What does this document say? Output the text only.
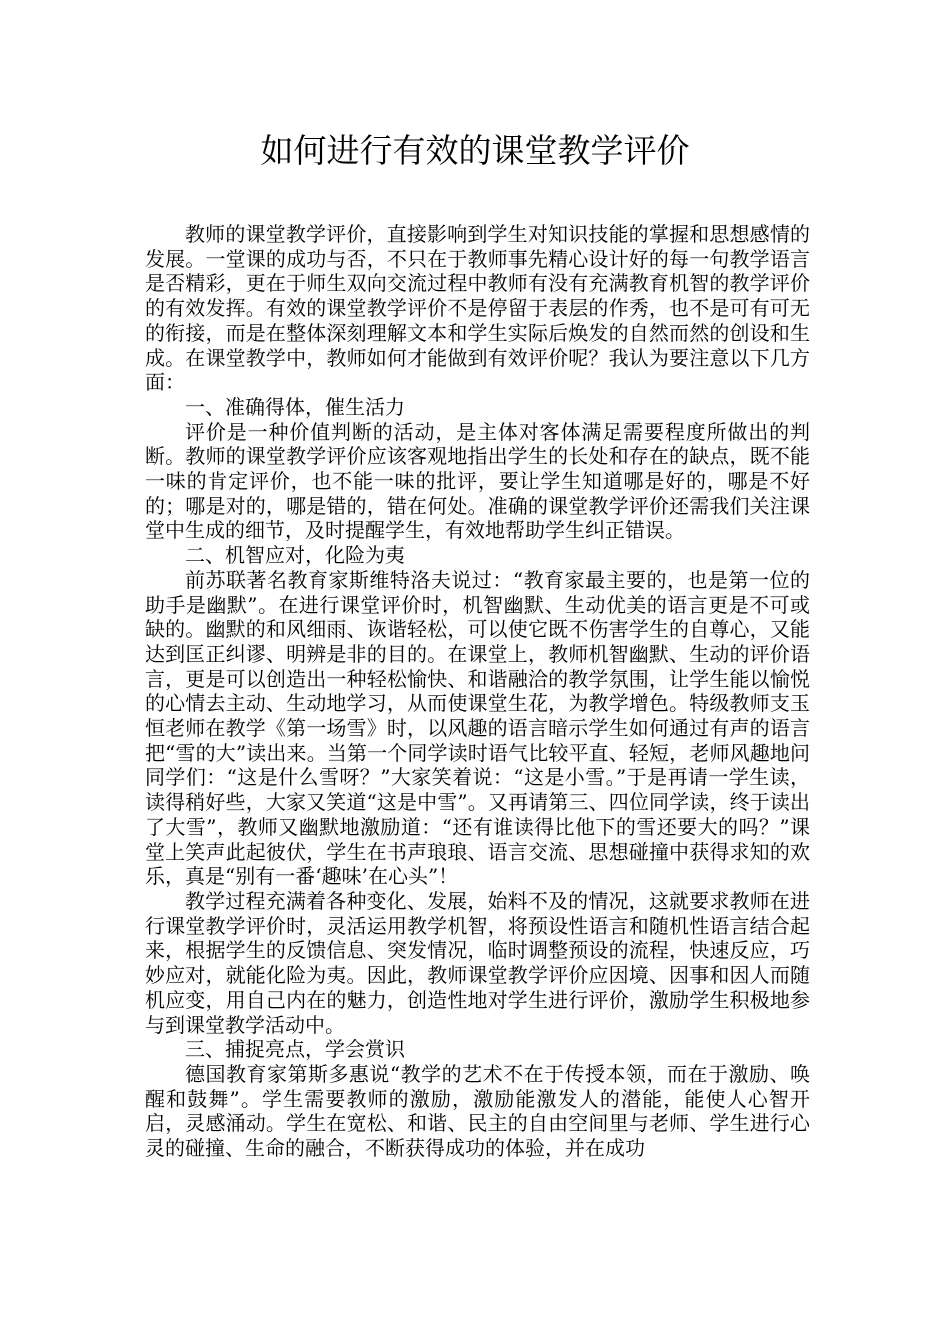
如何进行有效的课堂教学评价

教师的课堂教学评价，直接影响到学生对知识技能的掌握和思想感情的发展。一堂课的成功与否，不只在于教师事先精心设计好的每一句教学语言是否精彩，更在于师生双向交流过程中教师有没有充满教育机智的教学评价的有效发挥。有效的课堂教学评价不是停留于表层的作秀，也不是可有可无的衔接，而是在整体深刻理解文本和学生实际后焕发的自然而然的创设和生成。在课堂教学中，教师如何才能做到有效评价呢？我认为要注意以下几方面：

一、准确得体，催生活力

评价是一种价值判断的活动，是主体对客体满足需要程度所做出的判断。教师的课堂教学评价应该客观地指出学生的长处和存在的缺点，既不能一味的肯定评价，也不能一味的批评，要让学生知道哪是好的，哪是不好的；哪是对的，哪是错的，错在何处。准确的课堂教学评价还需我们关注课堂中生成的细节，及时提醒学生，有效地帮助学生纠正错误。

二、机智应对，化险为夷

前苏联著名教育家斯维特洛夫说过：“教育家最主要的，也是第一位的助手是幽默”。在进行课堂评价时，机智幽默、生动优美的语言更是不可或缺的。幽默的和风细雨、诙谐轻松，可以使它既不伤害学生的自尊心，又能达到匡正纠谬、明辨是非的目的。在课堂上，教师机智幽默、生动的评价语言，更是可以创造出一种轻松愉快、和谐融洽的教学氛围，让学生能以愉悦的心情去主动、生动地学习，从而使课堂生花，为教学增色。特级教师支玉恒老师在教学《第一场雪》时，以风趣的语言暗示学生如何通过有声的语言把“雪的大”读出来。当第一个同学读时语气比较平直、轻短，老师风趣地问同学们：“这是什么雪呀？”大家笑着说：“这是小雪。”于是再请一学生读，读得稍好些，大家又笑道“这是中雪”。又再请第三、四位同学读，终于读出了大雪”，教师又幽默地激励道：“还有谁读得比他下的雪还要大的吗？”课堂上笑声此起彼伏，学生在书声琅琅、语言交流、思想碰撞中获得求知的欢乐，真是“别有一番‘趣味’在心头”！

教学过程充满着各种变化、发展，始料不及的情况，这就要求教师在进行课堂教学评价时，灵活运用教学机智，将预设性语言和随机性语言结合起来，根据学生的反馈信息、突发情况，临时调整预设的流程，快速反应，巧妙应对，就能化险为夷。因此，教师课堂教学评价应因境、因事和因人而随机应变，用自己内在的魅力，创造性地对学生进行评价，激励学生积极地参与到课堂教学活动中。

三、捕捉亮点，学会赏识

德国教育家第斯多惠说“教学的艺术不在于传授本领，而在于激励、唤醒和鼓舞”。学生需要教师的激励，激励能激发人的潜能，能使人心智开启，灵感涌动。学生在宽松、和谐、民主的自由空间里与老师、学生进行心灵的碰撞、生命的融合，不断获得成功的体验，并在成功
